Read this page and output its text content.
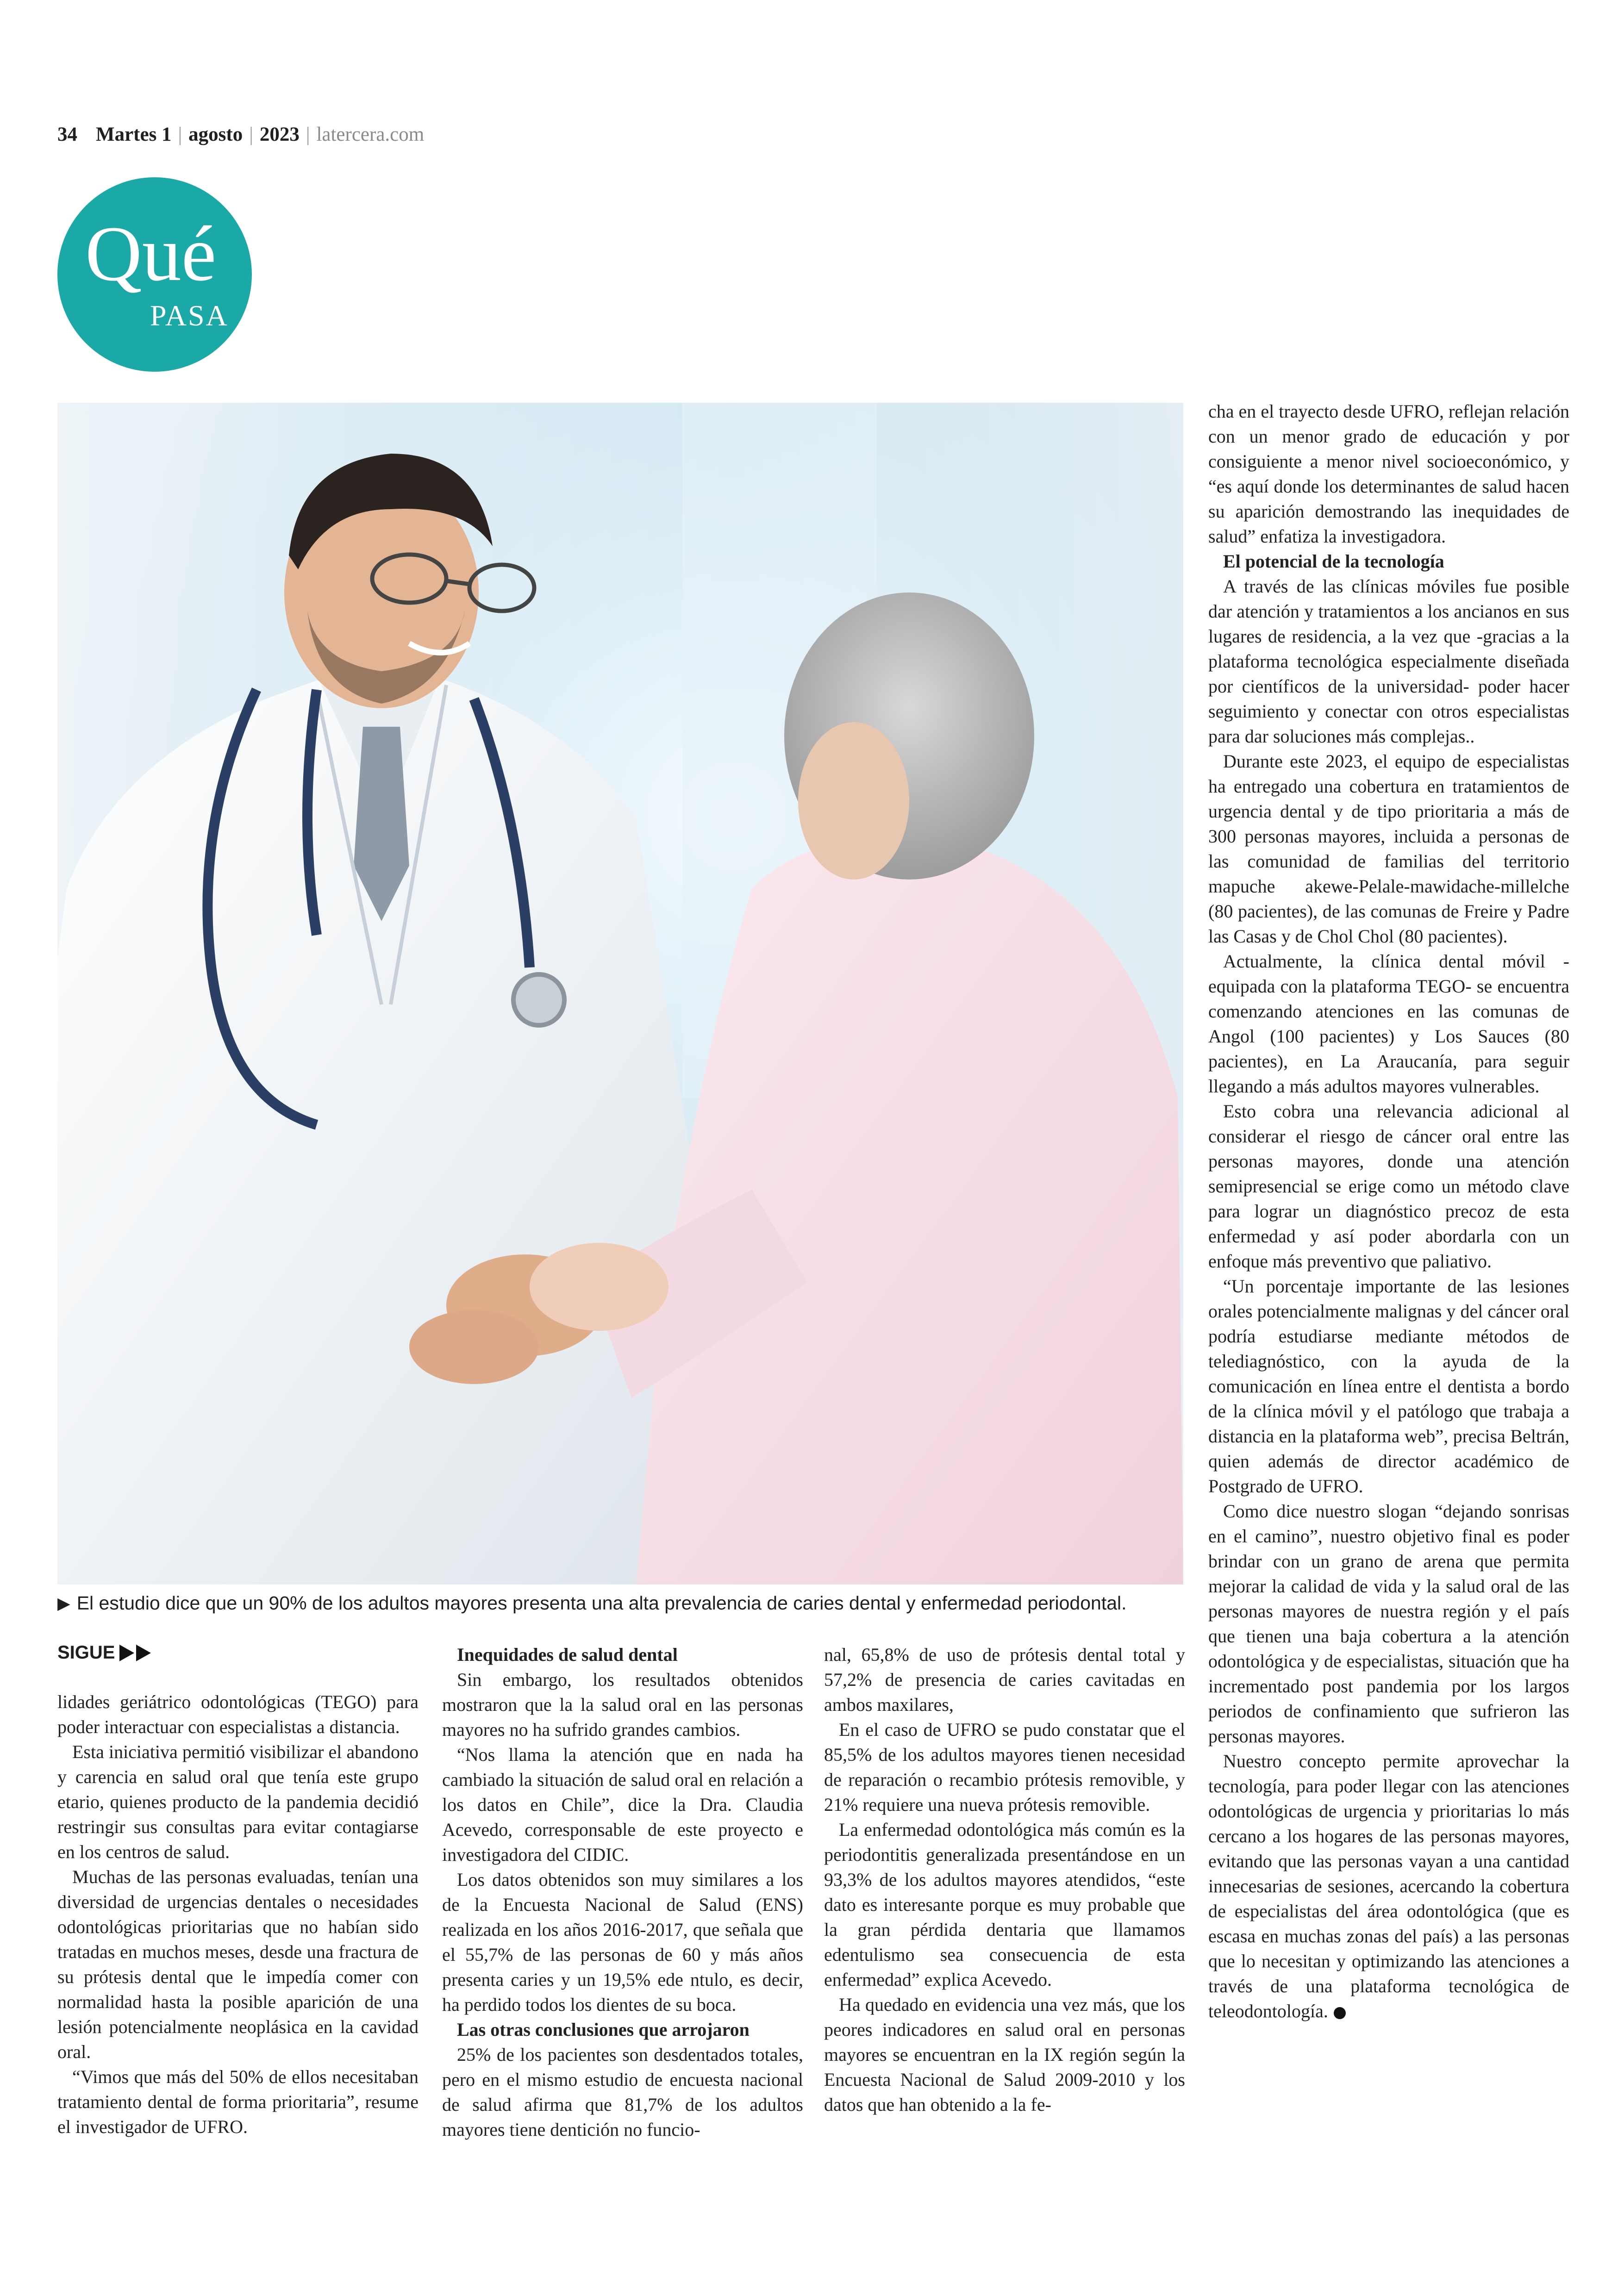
34 Martes 1 | agosto | 2023 | latercera.com
Qué
PASA
▶ El estudio dice que un 90% de los adultos mayores presenta una alta prevalencia de caries dental y enfermedad periodontal.
SIGUE

lidades geriátrico odontológicas (TEGO) para poder interactuar con especialistas a distancia.

Esta iniciativa permitió visibilizar el abandono y carencia en salud oral que tenía este grupo etario, quienes producto de la pandemia decidió restringir sus consultas para evitar contagiarse en los centros de salud.

Muchas de las personas evaluadas, tenían una diversidad de urgencias dentales o necesidades odontológicas prioritarias que no habían sido tratadas en muchos meses, desde una fractura de su prótesis dental que le impedía comer con normalidad hasta la posible aparición de una lesión potencialmente neoplásica en la cavidad oral.

“Vimos que más del 50% de ellos necesitaban tratamiento dental de forma prioritaria”, resume el investigador de UFRO.

Inequidades de salud dental

Sin embargo, los resultados obtenidos mostraron que la la salud oral en las personas mayores no ha sufrido grandes cambios.

“Nos llama la atención que en nada ha cambiado la situación de salud oral en relación a los datos en Chile”, dice la Dra. Claudia Acevedo, corresponsable de este proyecto e investigadora del CIDIC.

Los datos obtenidos son muy similares a los de la Encuesta Nacional de Salud (ENS) realizada en los años 2016-2017, que señala que el 55,7% de las personas de 60 y más años presenta caries y un 19,5% ede ntulo, es decir, ha perdido todos los dientes de su boca.

Las otras conclusiones que arrojaron

25% de los pacientes son desdentados totales, pero en el mismo estudio de encuesta nacional de salud afirma que 81,7% de los adultos mayores tiene dentición no funcio-

nal, 65,8% de uso de prótesis dental total y 57,2% de presencia de caries cavitadas en ambos maxilares,

En el caso de UFRO se pudo constatar que el 85,5% de los adultos mayores tienen necesidad de reparación o recambio prótesis removible, y 21% requiere una nueva prótesis removible.

La enfermedad odontológica más común es la periodontitis generalizada presentándose en un 93,3% de los adultos mayores atendidos, “este dato es interesante porque es muy probable que la gran pérdida dentaria que llamamos edentulismo sea consecuencia de esta enfermedad” explica Acevedo.

Ha quedado en evidencia una vez más, que los peores indicadores en salud oral en personas mayores se encuentran en la IX región según la Encuesta Nacional de Salud 2009-2010 y los datos que han obtenido a la fe-

cha en el trayecto desde UFRO, reflejan relación con un menor grado de educación y por consiguiente a menor nivel socioeconómico, y “es aquí donde los determinantes de salud hacen su aparición demostrando las inequidades de salud” enfatiza la investigadora.

El potencial de la tecnología

A través de las clínicas móviles fue posible dar atención y tratamientos a los ancianos en sus lugares de residencia, a la vez que -gracias a la plataforma tecnológica especialmente diseñada por científicos de la universidad- poder hacer seguimiento y conectar con otros especialistas para dar soluciones más complejas..

Durante este 2023, el equipo de especialistas ha entregado una cobertura en tratamientos de urgencia dental y de tipo prioritaria a más de 300 personas mayores, incluida a personas de las comunidad de familias del territorio mapuche akewe-Pelale-mawidache-millelche (80 pacientes), de las comunas de Freire y Padre las Casas y de Chol Chol (80 pacientes).

Actualmente, la clínica dental móvil -equipada con la plataforma TEGO- se encuentra comenzando atenciones en las comunas de Angol (100 pacientes) y Los Sauces (80 pacientes), en La Araucanía, para seguir llegando a más adultos mayores vulnerables.

Esto cobra una relevancia adicional al considerar el riesgo de cáncer oral entre las personas mayores, donde una atención semipresencial se erige como un método clave para lograr un diagnóstico precoz de esta enfermedad y así poder abordarla con un enfoque más preventivo que paliativo.

“Un porcentaje importante de las lesiones orales potencialmente malignas y del cáncer oral podría estudiarse mediante métodos de telediagnóstico, con la ayuda de la comunicación en línea entre el dentista a bordo de la clínica móvil y el patólogo que trabaja a distancia en la plataforma web”, precisa Beltrán, quien además de director académico de Postgrado de UFRO.

Como dice nuestro slogan “dejando sonrisas en el camino”, nuestro objetivo final es poder brindar con un grano de arena que permita mejorar la calidad de vida y la salud oral de las personas mayores de nuestra región y el país que tienen una baja cobertura a la atención odontológica y de especialistas, situación que ha incrementado post pandemia por los largos periodos de confinamiento que sufrieron las personas mayores.

Nuestro concepto permite aprovechar la tecnología, para poder llegar con las atenciones odontológicas de urgencia y prioritarias lo más cercano a los hogares de las personas mayores, evitando que las personas vayan a una cantidad innecesarias de sesiones, acercando la cobertura de especialistas del área odontológica (que es escasa en muchas zonas del país) a las personas que lo necesitan y optimizando las atenciones a través de una plataforma tecnológica de teleodontología.
